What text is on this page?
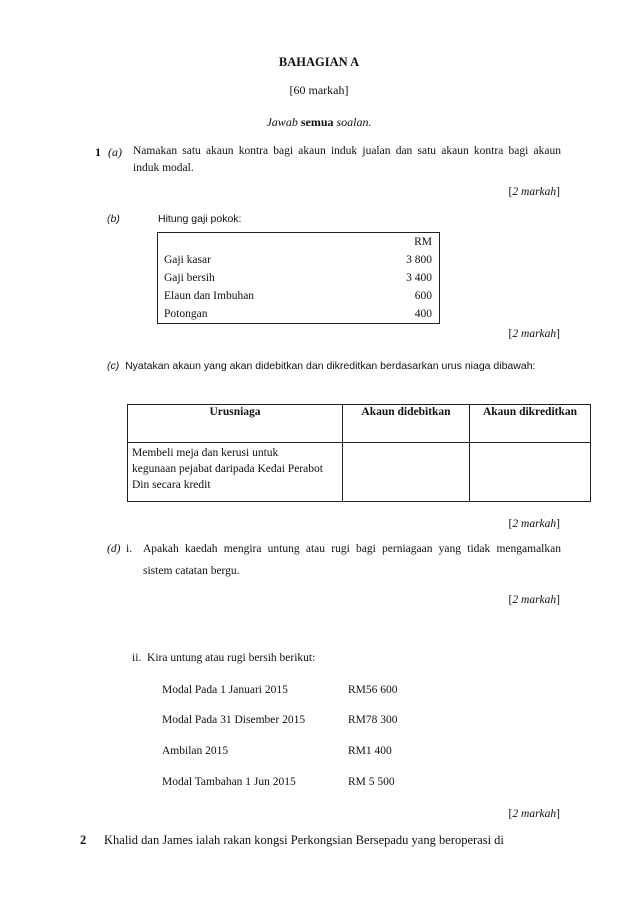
BAHAGIAN A
[60 markah]
Jawab semua soalan.
1 (a) Namakan satu akaun kontra bagi akaun induk jualan dan satu akaun kontra bagi akaun
induk modal.
[2 markah]
(b)	Hitung gaji pokok:
	RM
Gaji kasar	3 800
Gaji bersih	3 400
Elaun dan Imbuhan	600
Potongan	400
[2 markah]
(c) Nyatakan akaun yang akan didebitkan dan dikreditkan berdasarkan urus niaga dibawah:
Urusniaga	Akaun didebitkan	Akaun dikreditkan

Membeli meja dan kerusi untuk
kegunaan pejabat daripada Kedai Perabot
Din secara kredit		

[2 markah]
(d) i. Apakah kaedah mengira untung atau rugi bagi perniagaan yang tidak mengamalkan
sistem catatan bergu.
[2 markah]
ii. Kira untung atau rugi bersih berikut:
Modal Pada 1 Januari 2015	RM56 600
Modal Pada 31 Disember 2015	RM78 300
Ambilan 2015	RM1 400
Modal Tambahan 1 Jun 2015	RM 5 500
[2 markah]
2 Khalid dan James ialah rakan kongsi Perkongsian Bersepadu yang beroperasi di
